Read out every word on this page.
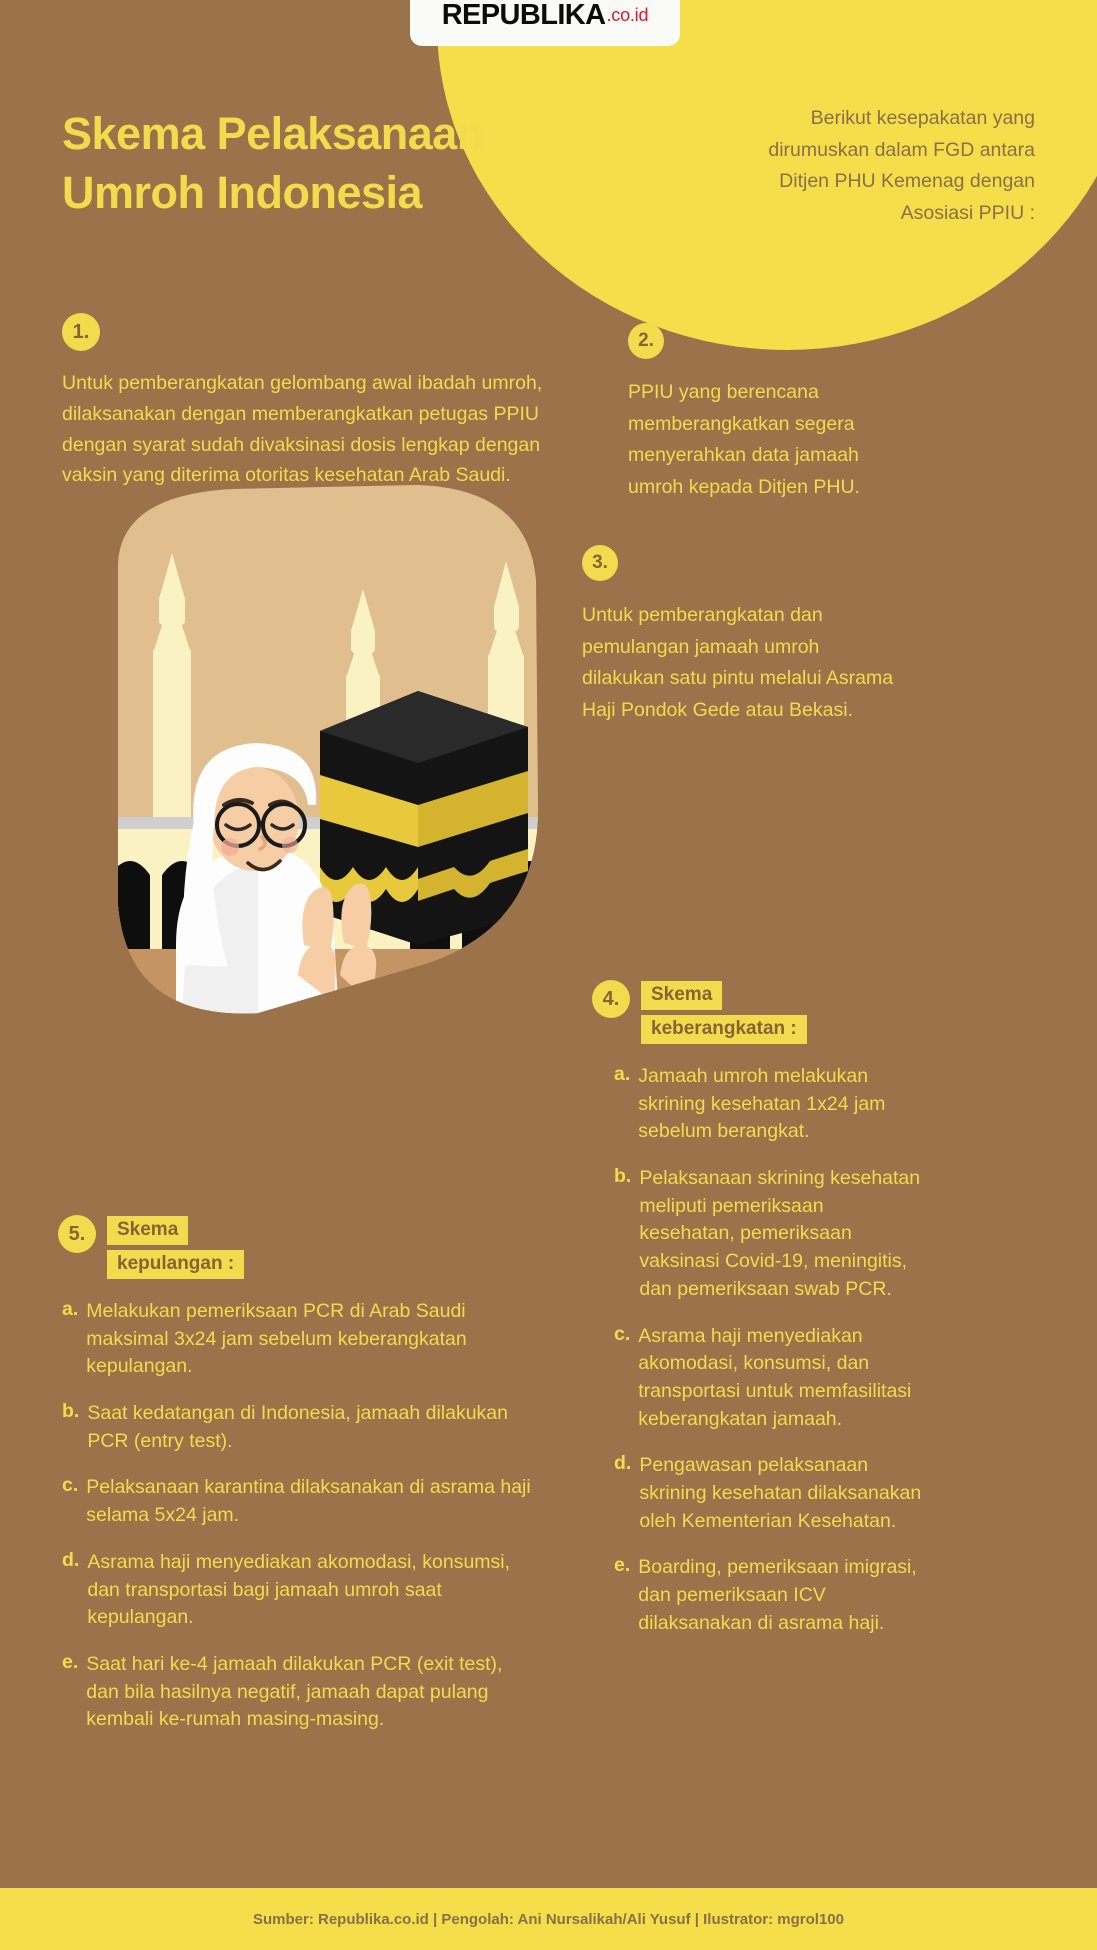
REPUBLIKA .co.id
Skema Pelaksanaan Umroh Indonesia

Berikut kesepakatan yang dirumuskan dalam FGD antara Ditjen PHU Kemenag dengan Asosiasi PPIU :

1.

Untuk pemberangkatan gelombang awal ibadah umroh, dilaksanakan dengan memberangkatkan petugas PPIU dengan syarat sudah divaksinasi dosis lengkap dengan vaksin yang diterima otoritas kesehatan Arab Saudi.

2.

PPIU yang berencana memberangkatkan segera menyerahkan data jamaah umroh kepada Ditjen PHU.

3.

Untuk pemberangkatan dan pemulangan jamaah umroh dilakukan satu pintu melalui Asrama Haji Pondok Gede atau Bekasi.

4.	Skema
keberangkatan :
a. Jamaah umroh melakukan skrining kesehatan 1x24 jam sebelum berangkat.
b. Pelaksanaan skrining kesehatan meliputi pemeriksaan kesehatan, pemeriksaan vaksinasi Covid-19, meningitis, dan pemeriksaan swab PCR.
c. Asrama haji menyediakan akomodasi, konsumsi, dan transportasi untuk memfasilitasi keberangkatan jamaah.
d. Pengawasan pelaksanaan skrining kesehatan dilaksanakan oleh Kementerian Kesehatan.
e. Boarding, pemeriksaan imigrasi, dan pemeriksaan ICV dilaksanakan di asrama haji.
5.	Skema
kepulangan :
a. Melakukan pemeriksaan PCR di Arab Saudi maksimal 3x24 jam sebelum keberangkatan kepulangan.
b. Saat kedatangan di Indonesia, jamaah dilakukan PCR (entry test).
c. Pelaksanaan karantina dilaksanakan di asrama haji selama 5x24 jam.
d. Asrama haji menyediakan akomodasi, konsumsi, dan transportasi bagi jamaah umroh saat kepulangan.
e. Saat hari ke-4 jamaah dilakukan PCR (exit test), dan bila hasilnya negatif, jamaah dapat pulang kembali ke-rumah masing-masing.
Sumber: Republika.co.id | Pengolah: Ani Nursalikah/Ali Yusuf | Ilustrator: mgrol100
